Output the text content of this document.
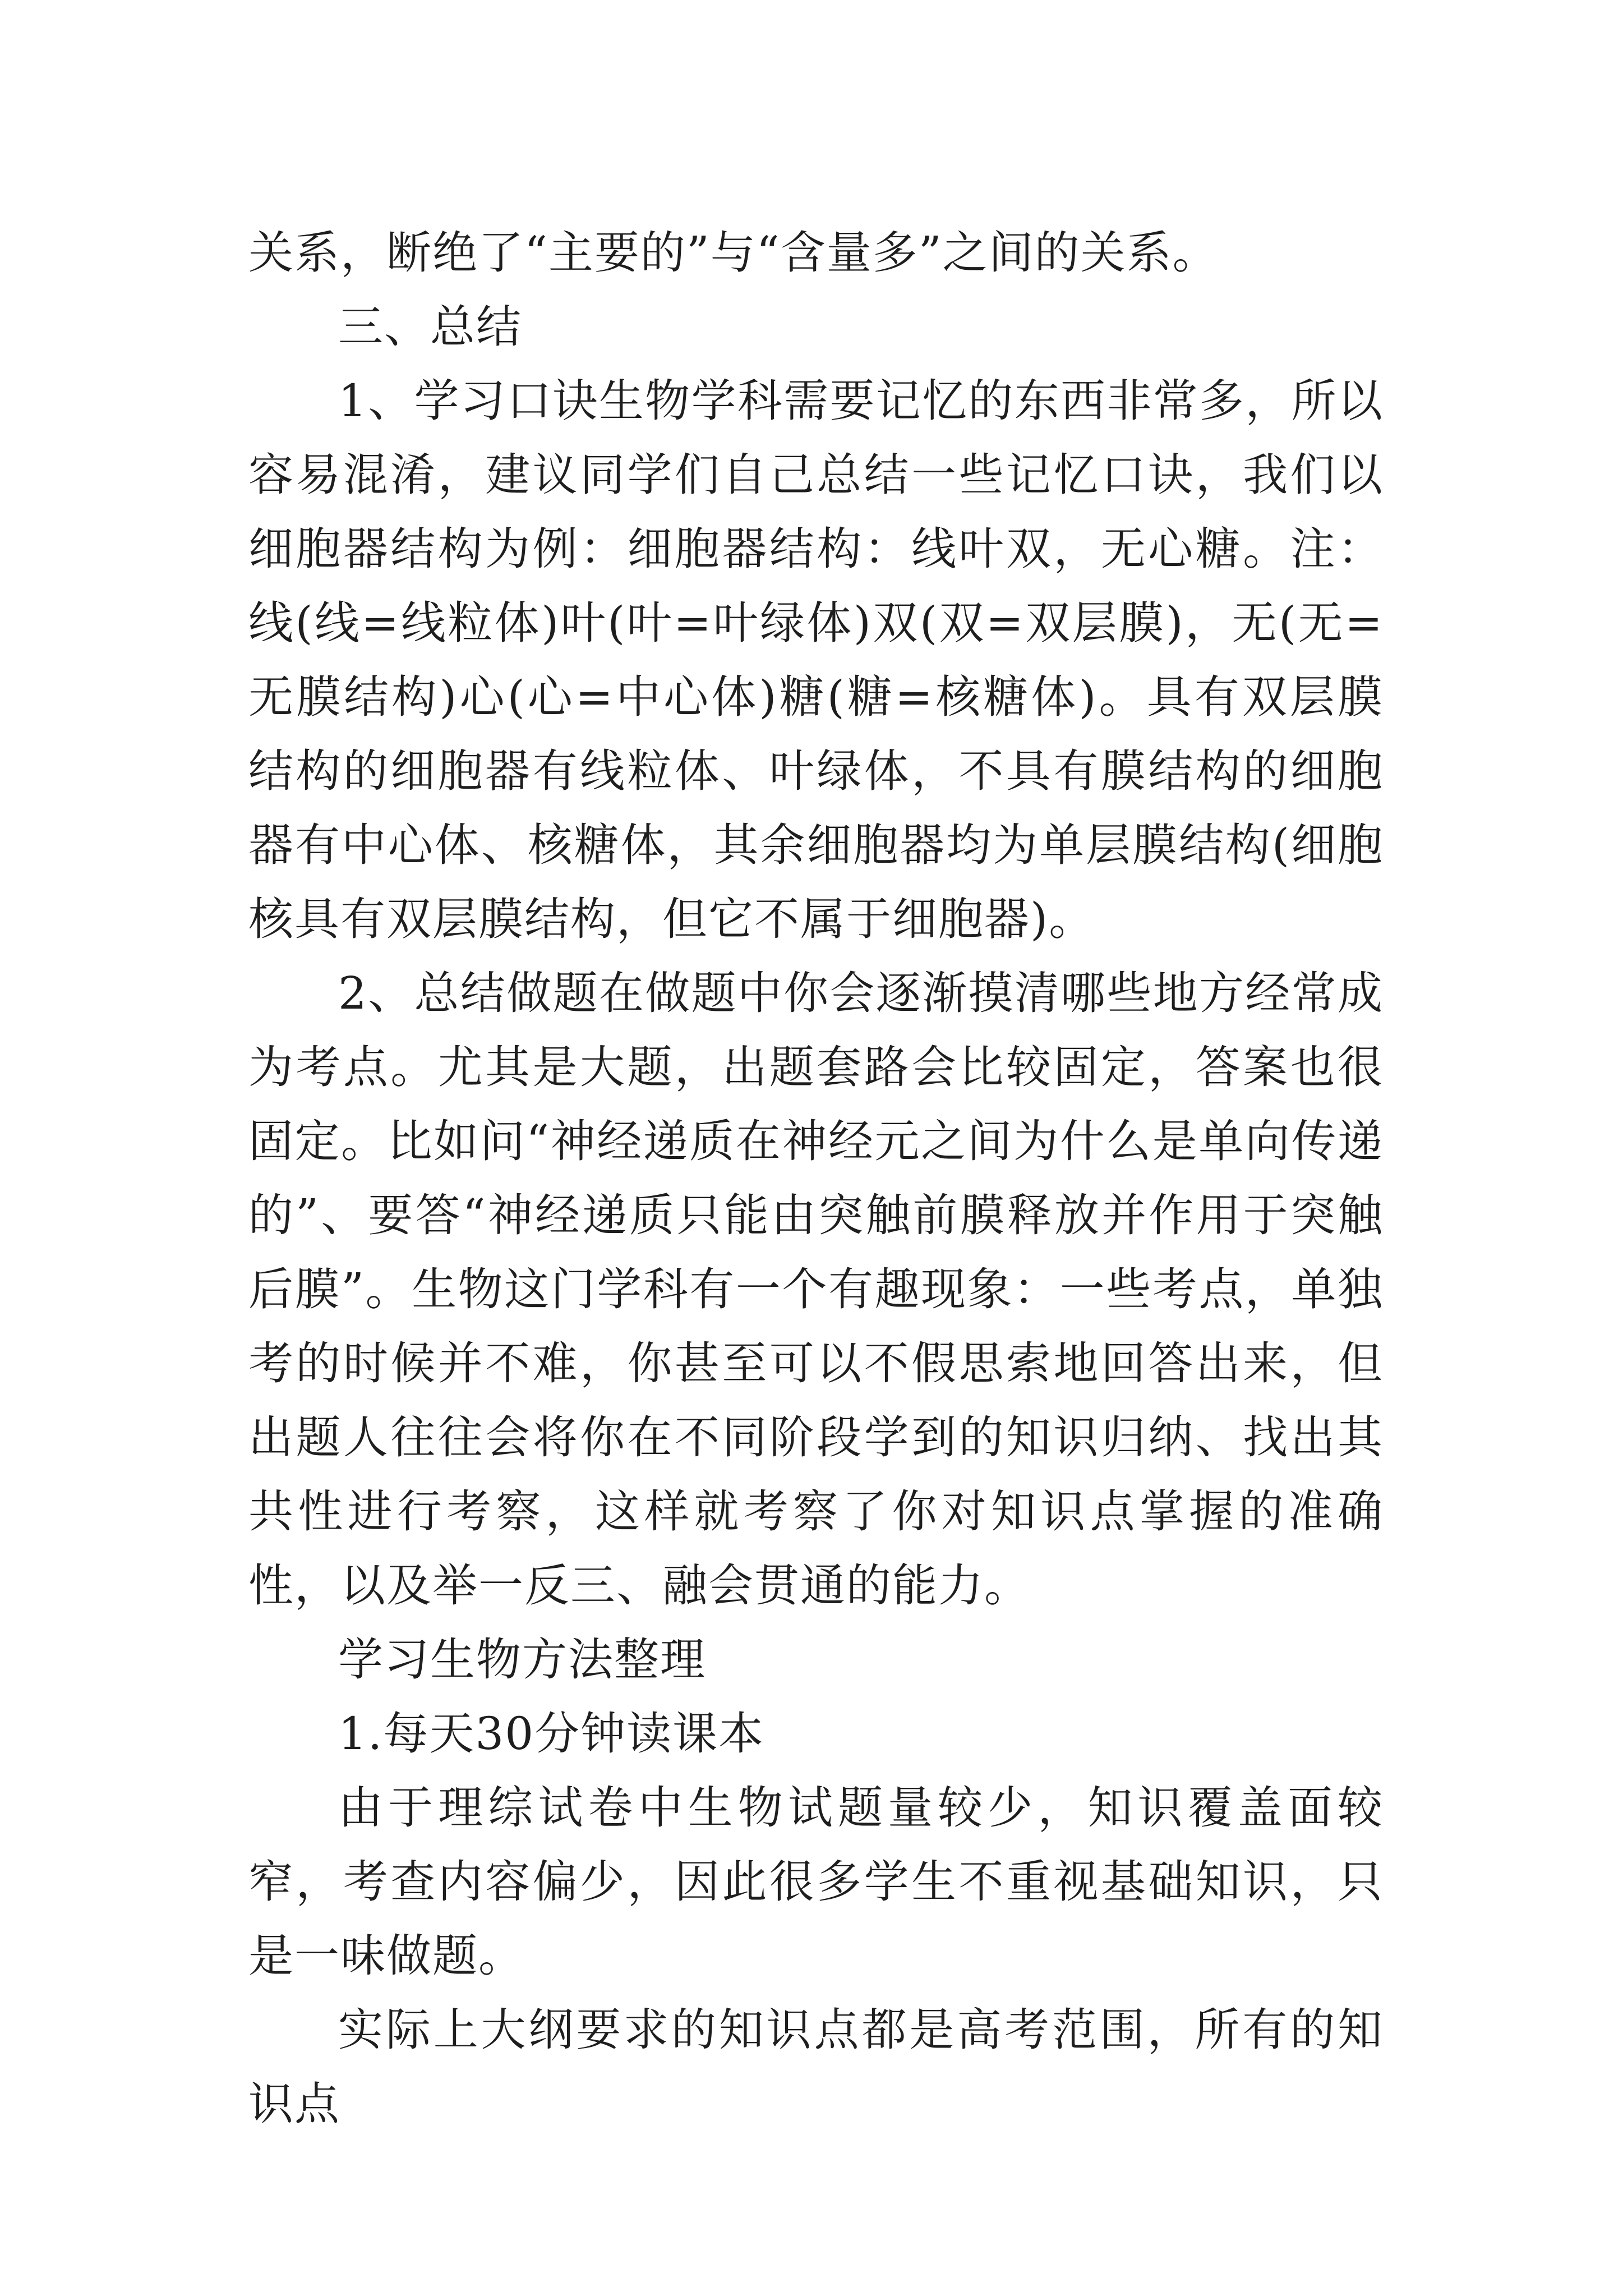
关系，断绝了“主要的”与“含量多”之间的关系。

三、总结

1、学习口诀生物学科需要记忆的东西非常多，所以容易混淆，建议同学们自己总结一些记忆口诀，我们以细胞器结构为例：细胞器结构：线叶双，无心糖。注：线(线=线粒体)叶(叶=叶绿体)双(双=双层膜)，无(无=无膜结构)心(心=中心体)糖(糖=核糖体)。具有双层膜结构的细胞器有线粒体、叶绿体，不具有膜结构的细胞器有中心体、核糖体，其余细胞器均为单层膜结构(细胞核具有双层膜结构，但它不属于细胞器)。

2、总结做题在做题中你会逐渐摸清哪些地方经常成为考点。尤其是大题，出题套路会比较固定，答案也很固定。比如问“神经递质在神经元之间为什么是单向传递的”、要答“神经递质只能由突触前膜释放并作用于突触后膜”。生物这门学科有一个有趣现象：一些考点，单独考的时候并不难，你甚至可以不假思索地回答出来，但出题人往往会将你在不同阶段学到的知识归纳、找出其共性进行考察，这样就考察了你对知识点掌握的准确性，以及举一反三、融会贯通的能力。

学习生物方法整理

1.每天30分钟读课本

由于理综试卷中生物试题量较少，知识覆盖面较窄，考查内容偏少，因此很多学生不重视基础知识，只是一味做题。

实际上大纲要求的知识点都是高考范围，所有的知识点
